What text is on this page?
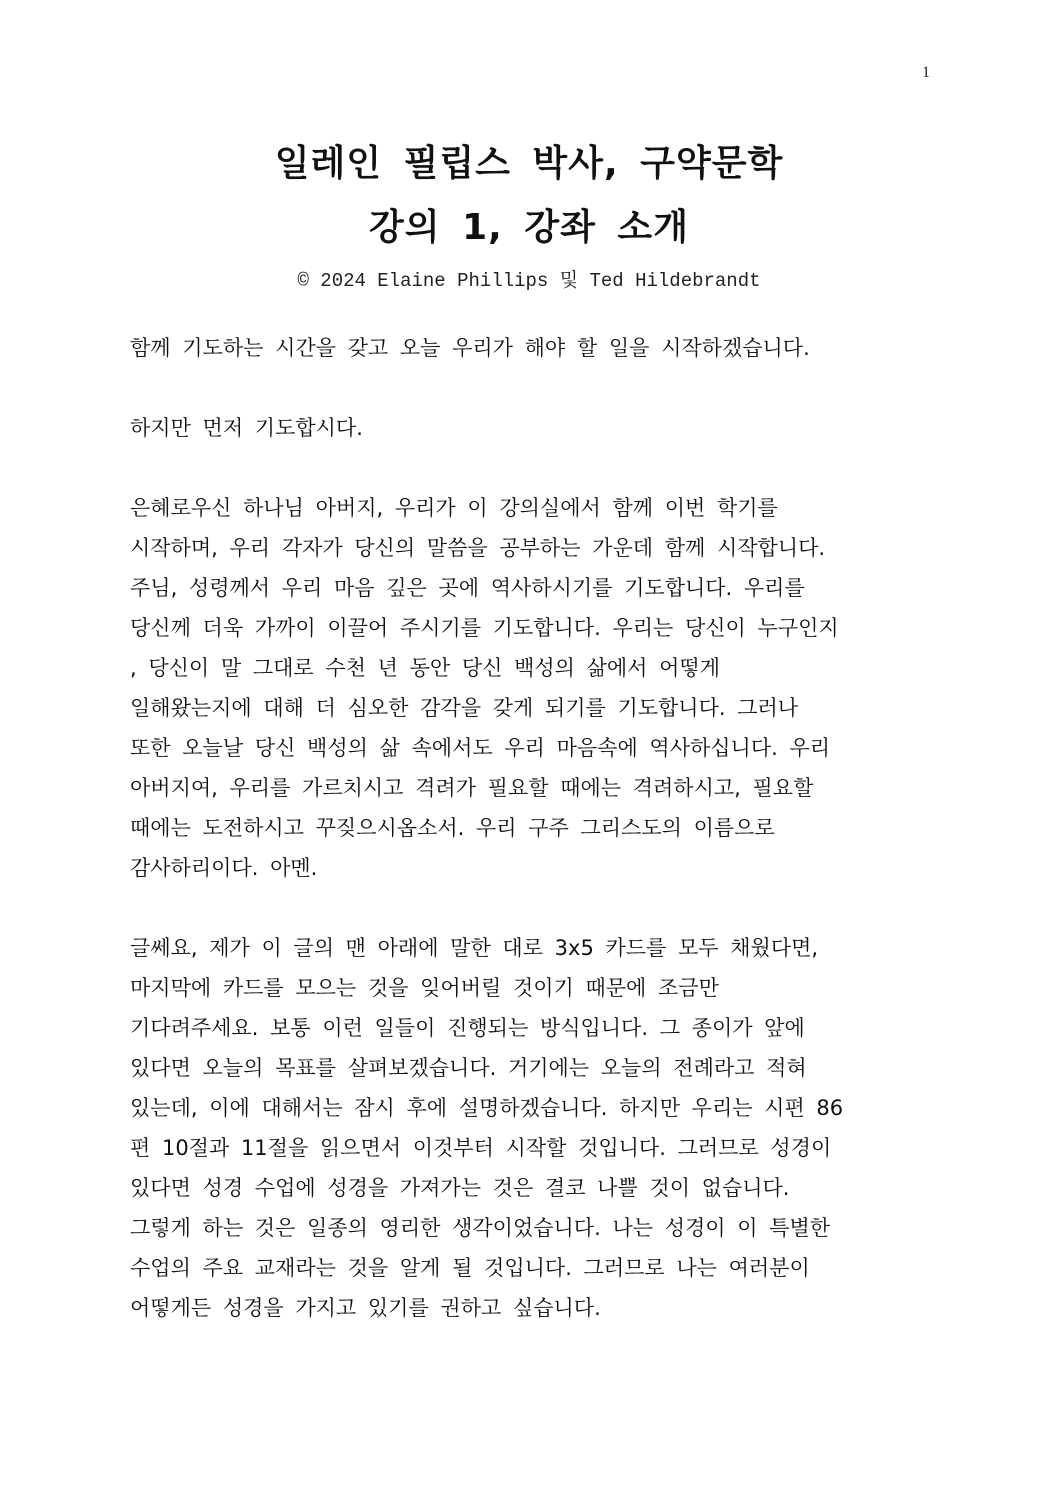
1
일레인 필립스 박사, 구약문학
강의 1, 강좌 소개
© 2024 Elaine Phillips 및 Ted Hildebrandt

함께 기도하는 시간을 갖고 오늘 우리가 해야 할 일을 시작하겠습니다.

하지만 먼저 기도합시다.

은혜로우신 하나님 아버지, 우리가 이 강의실에서 함께 이번 학기를
시작하며, 우리 각자가 당신의 말씀을 공부하는 가운데 함께 시작합니다.
주님, 성령께서 우리 마음 깊은 곳에 역사하시기를 기도합니다. 우리를
당신께 더욱 가까이 이끌어 주시기를 기도합니다. 우리는 당신이 누구인지
, 당신이 말 그대로 수천 년 동안 당신 백성의 삶에서 어떻게
일해왔는지에 대해 더 심오한 감각을 갖게 되기를 기도합니다. 그러나
또한 오늘날 당신 백성의 삶 속에서도 우리 마음속에 역사하십니다. 우리
아버지여, 우리를 가르치시고 격려가 필요할 때에는 격려하시고, 필요할
때에는 도전하시고 꾸짖으시옵소서. 우리 구주 그리스도의 이름으로
감사하리이다. 아멘.

글쎄요, 제가 이 글의 맨 아래에 말한 대로 3x5 카드를 모두 채웠다면,
마지막에 카드를 모으는 것을 잊어버릴 것이기 때문에 조금만
기다려주세요. 보통 이런 일들이 진행되는 방식입니다. 그 종이가 앞에
있다면 오늘의 목표를 살펴보겠습니다. 거기에는 오늘의 전례라고 적혀
있는데, 이에 대해서는 잠시 후에 설명하겠습니다. 하지만 우리는 시편 86
편 10절과 11절을 읽으면서 이것부터 시작할 것입니다. 그러므로 성경이
있다면 성경 수업에 성경을 가져가는 것은 결코 나쁠 것이 없습니다.
그렇게 하는 것은 일종의 영리한 생각이었습니다. 나는 성경이 이 특별한
수업의 주요 교재라는 것을 알게 될 것입니다. 그러므로 나는 여러분이
어떻게든 성경을 가지고 있기를 권하고 싶습니다.
